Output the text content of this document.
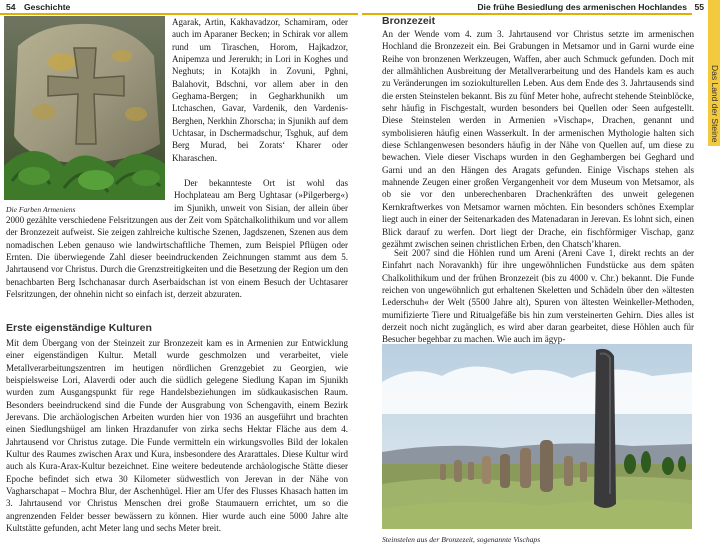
54 Geschichte
Die Farben Armeniens

Agarak, Artin, Kakhavadzor, Schamiram, oder auch im Aparaner Becken; in Schirak vor allem rund um Tiraschen, Horom, Hajkadzor, Anipemza und Jererukh; in Lori in Koghes und Neghuts; in Kotajkh in Zovuni, Pghni, Balahovit, Bdschni, vor allem aber in den Geghama-Bergen; in Gegharkhunikh um Ltchaschen, Gavar, Vardenik, den Vardenis-Berghen, Nerkhin Zhorscha; in Sjunikh auf dem Uchtasar, in Dschermadschur, Tsghuk, auf dem Berg Murad, bei Zorats‘ Kharer oder Kharaschen.

Der bekannteste Ort ist wohl das Hochplateau am Berg Ughtasar (»Pilgerberg«) im Sjunikh, unweit von Sisian, der allein über 2000 gezählte verschiedene Felsritzungen aus der Zeit vom Spätchalkolithikum und vor allem der Bronzezeit aufweist. Sie zeigen zahlreiche kultische Szenen, Jagdszenen, Szenen aus dem nomadischen Leben genauso wie landwirtschaftliche Themen, zum Beispiel Pflügen oder Ernten. Die überwiegende Zahl dieser beeindruckenden Zeichnungen stammt aus dem 5. Jahrtausend vor Christus. Durch die Grenzstreitigkeiten und die Besetzung der Region um den benachbarten Berg Ischchanasar durch Aserbaidschan ist von einem Besuch der Uchtasarer Felsritzungen, der ohnehin nicht so einfach ist, derzeit abzuraten.

Erste eigenständige Kulturen

Mit dem Übergang von der Steinzeit zur Bronzezeit kam es in Armenien zur Entwicklung einer eigenständigen Kultur. Metall wurde geschmolzen und verarbeitet, viele Metallverarbeitungszentren im heutigen nördlichen Grenzgebiet zu Georgien, wie beispielsweise Lori, Alaverdi oder auch die südlich gelegene Siedlung Kapan im Sjunikh wurden zum Ausgangspunkt für rege Handelsbeziehungen im südkaukasischen Raum. Besonders beeindruckend sind die Funde der Ausgrabung von Schengavith, einem Bezirk Jerevans. Die archäologischen Arbeiten wurden hier von 1936 an ausgeführt und brachten einen Siedlungshügel am linken Hrazdanufer von zirka sechs Hektar Fläche aus dem 4. Jahrtausend vor Christus zutage. Die Funde vermitteln ein wirkungsvolles Bild der lokalen Kultur des Raumes zwischen Arax und Kura, insbesondere des Ararattales. Diese Kultur wird auch als Kura-Arax-Kultur bezeichnet. Eine weitere bedeutende archäologische Stätte dieser Epoche befindet sich etwa 30 Kilometer südwestlich von Jerevan in der Nähe von Vagharschapat – Mochra Blur, der Aschenhügel. Hier am Ufer des Flusses Khasach hatten im 3. Jahrtausend vor Christus Menschen drei große Staumauern errichtet, um so die angrenzenden Felder besser bewässern zu können. Hier wurde auch eine 5000 Jahre alte Kultstätte gefunden, acht Meter lang und sechs Meter breit.

Die frühe Besiedlung des armenischen Hochlandes 55
Das Land der Steine
Bronzezeit

An der Wende vom 4. zum 3. Jahrtausend vor Christus setzte im armenischen Hochland die Bronzezeit ein. Bei Grabungen in Metsamor und in Garni wurde eine Reihe von bronzenen Werkzeugen, Waffen, aber auch Schmuck gefunden. Doch mit der allmählichen Ausbreitung der Metallverarbeitung und des Handels kam es auch zu Veränderungen im soziokulturellen Leben. Aus dem Ende des 3. Jahrtausends sind die ersten Steinstelen bekannt. Bis zu fünf Meter hohe, aufrecht stehende Steinblöcke, sehr häufig in Fischgestalt, wurden besonders bei Quellen oder Seen aufgestellt. Diese Steinstelen werden in Armenien »Vischap«, Drachen, genannt und symbolisieren häufig einen Wasserkult. In der armenischen Mythologie halten sich diese Schlangenwesen besonders häufig in der Nähe von Quellen auf, um diese zu bewachen. Viele dieser Vischaps wurden in den Geghambergen bei Geghard und Garni und an den Hängen des Aragats gefunden. Einige Vischaps stehen als mahnende Zeugen einer großen Vergangenheit vor dem Museum von Metsamor, als ob sie vor den unberechenbaren Drachenkräften des unweit gelegenen Kernkraftwerkes von Metsamor warnen möchten. Ein besonders schönes Exemplar liegt auch in einer der Seitenarkaden des Matenadaran in Jerevan. Es lohnt sich, einen Blick darauf zu werfen. Dort liegt der Drache, ein fischförmiger Vischap, ganz gezähmt zwischen seinen christlichen Erben, den Chatsch’kharen.

Seit 2007 sind die Höhlen rund um Areni (Areni Cave 1, direkt rechts an der Einfahrt nach Noravankh) für ihre ungewöhnlichen Fundstücke aus dem späten Chalkolithikum und der frühen Bronzezeit (bis zu 4000 v. Chr.) bekannt. Die Funde reichen von ungewöhnlich gut erhaltenen Skeletten und Schädeln über den »ältesten Lederschuh« der Welt (5500 Jahre alt), Spuren von ältesten Weinkeller-Methoden, mumifizierte Tiere und Ritualgefäße bis hin zum versteinerten Gehirn. Dies alles ist derzeit noch nicht zugänglich, es wird aber daran gearbeitet, diese Höhlen auch für Besucher begehbar zu machen. Wie auch im ägyp-

Steinstelen aus der Bronzezeit, sogenannte Vischaps
